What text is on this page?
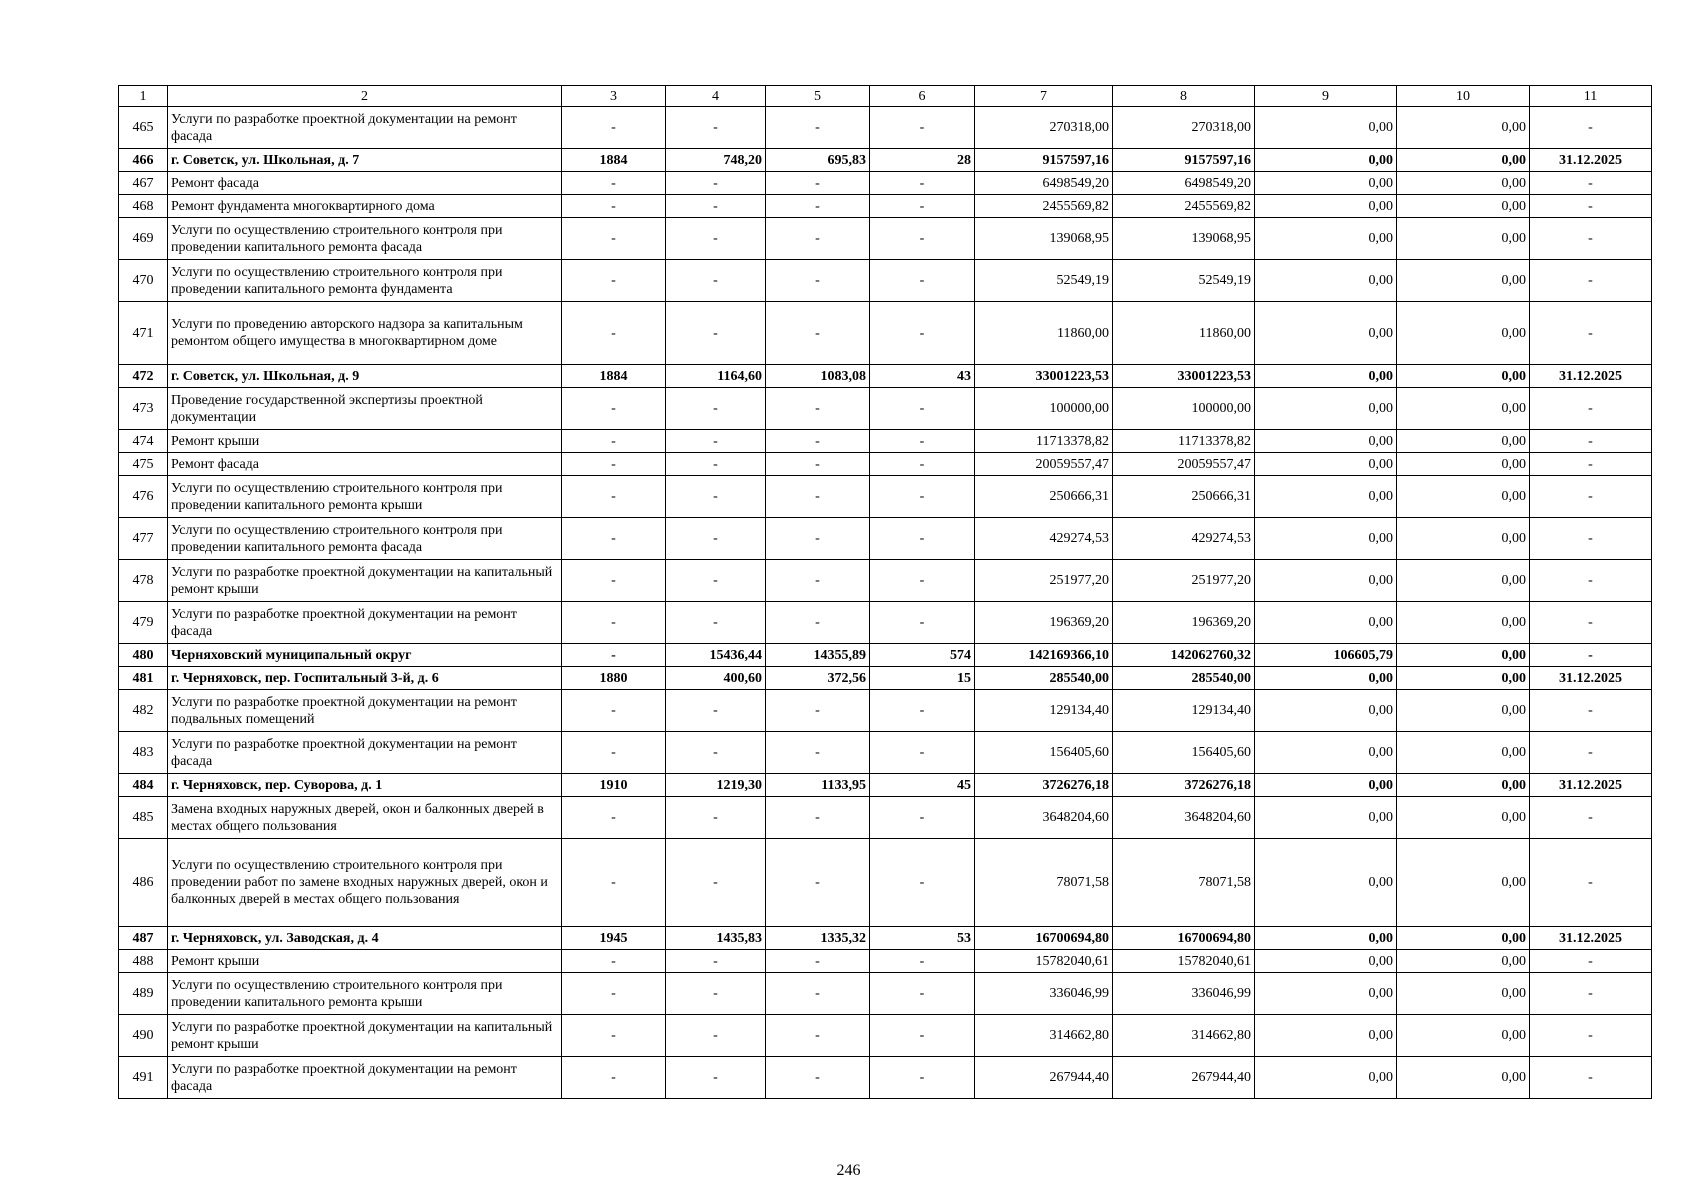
1	2	3	4	5	6	7	8	9	10	11
465	Услуги по разработке проектной документации на ремонт фасада	-	-	-	-	270318,00	270318,00	0,00	0,00	-
466	г. Советск, ул. Школьная, д. 7	1884	748,20	695,83	28	9157597,16	9157597,16	0,00	0,00	31.12.2025
467	Ремонт фасада	-	-	-	-	6498549,20	6498549,20	0,00	0,00	-
468	Ремонт фундамента многоквартирного дома	-	-	-	-	2455569,82	2455569,82	0,00	0,00	-
469	Услуги по осуществлению строительного контроля при проведении капитального ремонта фасада	-	-	-	-	139068,95	139068,95	0,00	0,00	-
470	Услуги по осуществлению строительного контроля при проведении капитального ремонта фундамента	-	-	-	-	52549,19	52549,19	0,00	0,00	-
471	Услуги по проведению авторского надзора за капитальным ремонтом общего имущества в многоквартирном доме	-	-	-	-	11860,00	11860,00	0,00	0,00	-
472	г. Советск, ул. Школьная, д. 9	1884	1164,60	1083,08	43	33001223,53	33001223,53	0,00	0,00	31.12.2025
473	Проведение государственной экспертизы проектной документации	-	-	-	-	100000,00	100000,00	0,00	0,00	-
474	Ремонт крыши	-	-	-	-	11713378,82	11713378,82	0,00	0,00	-
475	Ремонт фасада	-	-	-	-	20059557,47	20059557,47	0,00	0,00	-
476	Услуги по осуществлению строительного контроля при проведении капитального ремонта крыши	-	-	-	-	250666,31	250666,31	0,00	0,00	-
477	Услуги по осуществлению строительного контроля при проведении капитального ремонта фасада	-	-	-	-	429274,53	429274,53	0,00	0,00	-
478	Услуги по разработке проектной документации на капитальный ремонт крыши	-	-	-	-	251977,20	251977,20	0,00	0,00	-
479	Услуги по разработке проектной документации на ремонт фасада	-	-	-	-	196369,20	196369,20	0,00	0,00	-
480	Черняховский муниципальный округ	-	15436,44	14355,89	574	142169366,10	142062760,32	106605,79	0,00	-
481	г. Черняховск, пер. Госпитальный 3-й, д. 6	1880	400,60	372,56	15	285540,00	285540,00	0,00	0,00	31.12.2025
482	Услуги по разработке проектной документации на ремонт подвальных помещений	-	-	-	-	129134,40	129134,40	0,00	0,00	-
483	Услуги по разработке проектной документации на ремонт фасада	-	-	-	-	156405,60	156405,60	0,00	0,00	-
484	г. Черняховск, пер. Суворова, д. 1	1910	1219,30	1133,95	45	3726276,18	3726276,18	0,00	0,00	31.12.2025
485	Замена входных наружных дверей, окон и балконных дверей в местах общего пользования	-	-	-	-	3648204,60	3648204,60	0,00	0,00	-
486	Услуги по осуществлению строительного контроля при проведении работ по замене входных наружных дверей, окон и балконных дверей в местах общего пользования	-	-	-	-	78071,58	78071,58	0,00	0,00	-
487	г. Черняховск, ул. Заводская, д. 4	1945	1435,83	1335,32	53	16700694,80	16700694,80	0,00	0,00	31.12.2025
488	Ремонт крыши	-	-	-	-	15782040,61	15782040,61	0,00	0,00	-
489	Услуги по осуществлению строительного контроля при проведении капитального ремонта крыши	-	-	-	-	336046,99	336046,99	0,00	0,00	-
490	Услуги по разработке проектной документации на капитальный ремонт крыши	-	-	-	-	314662,80	314662,80	0,00	0,00	-
491	Услуги по разработке проектной документации на ремонт фасада	-	-	-	-	267944,40	267944,40	0,00	0,00	-
246
